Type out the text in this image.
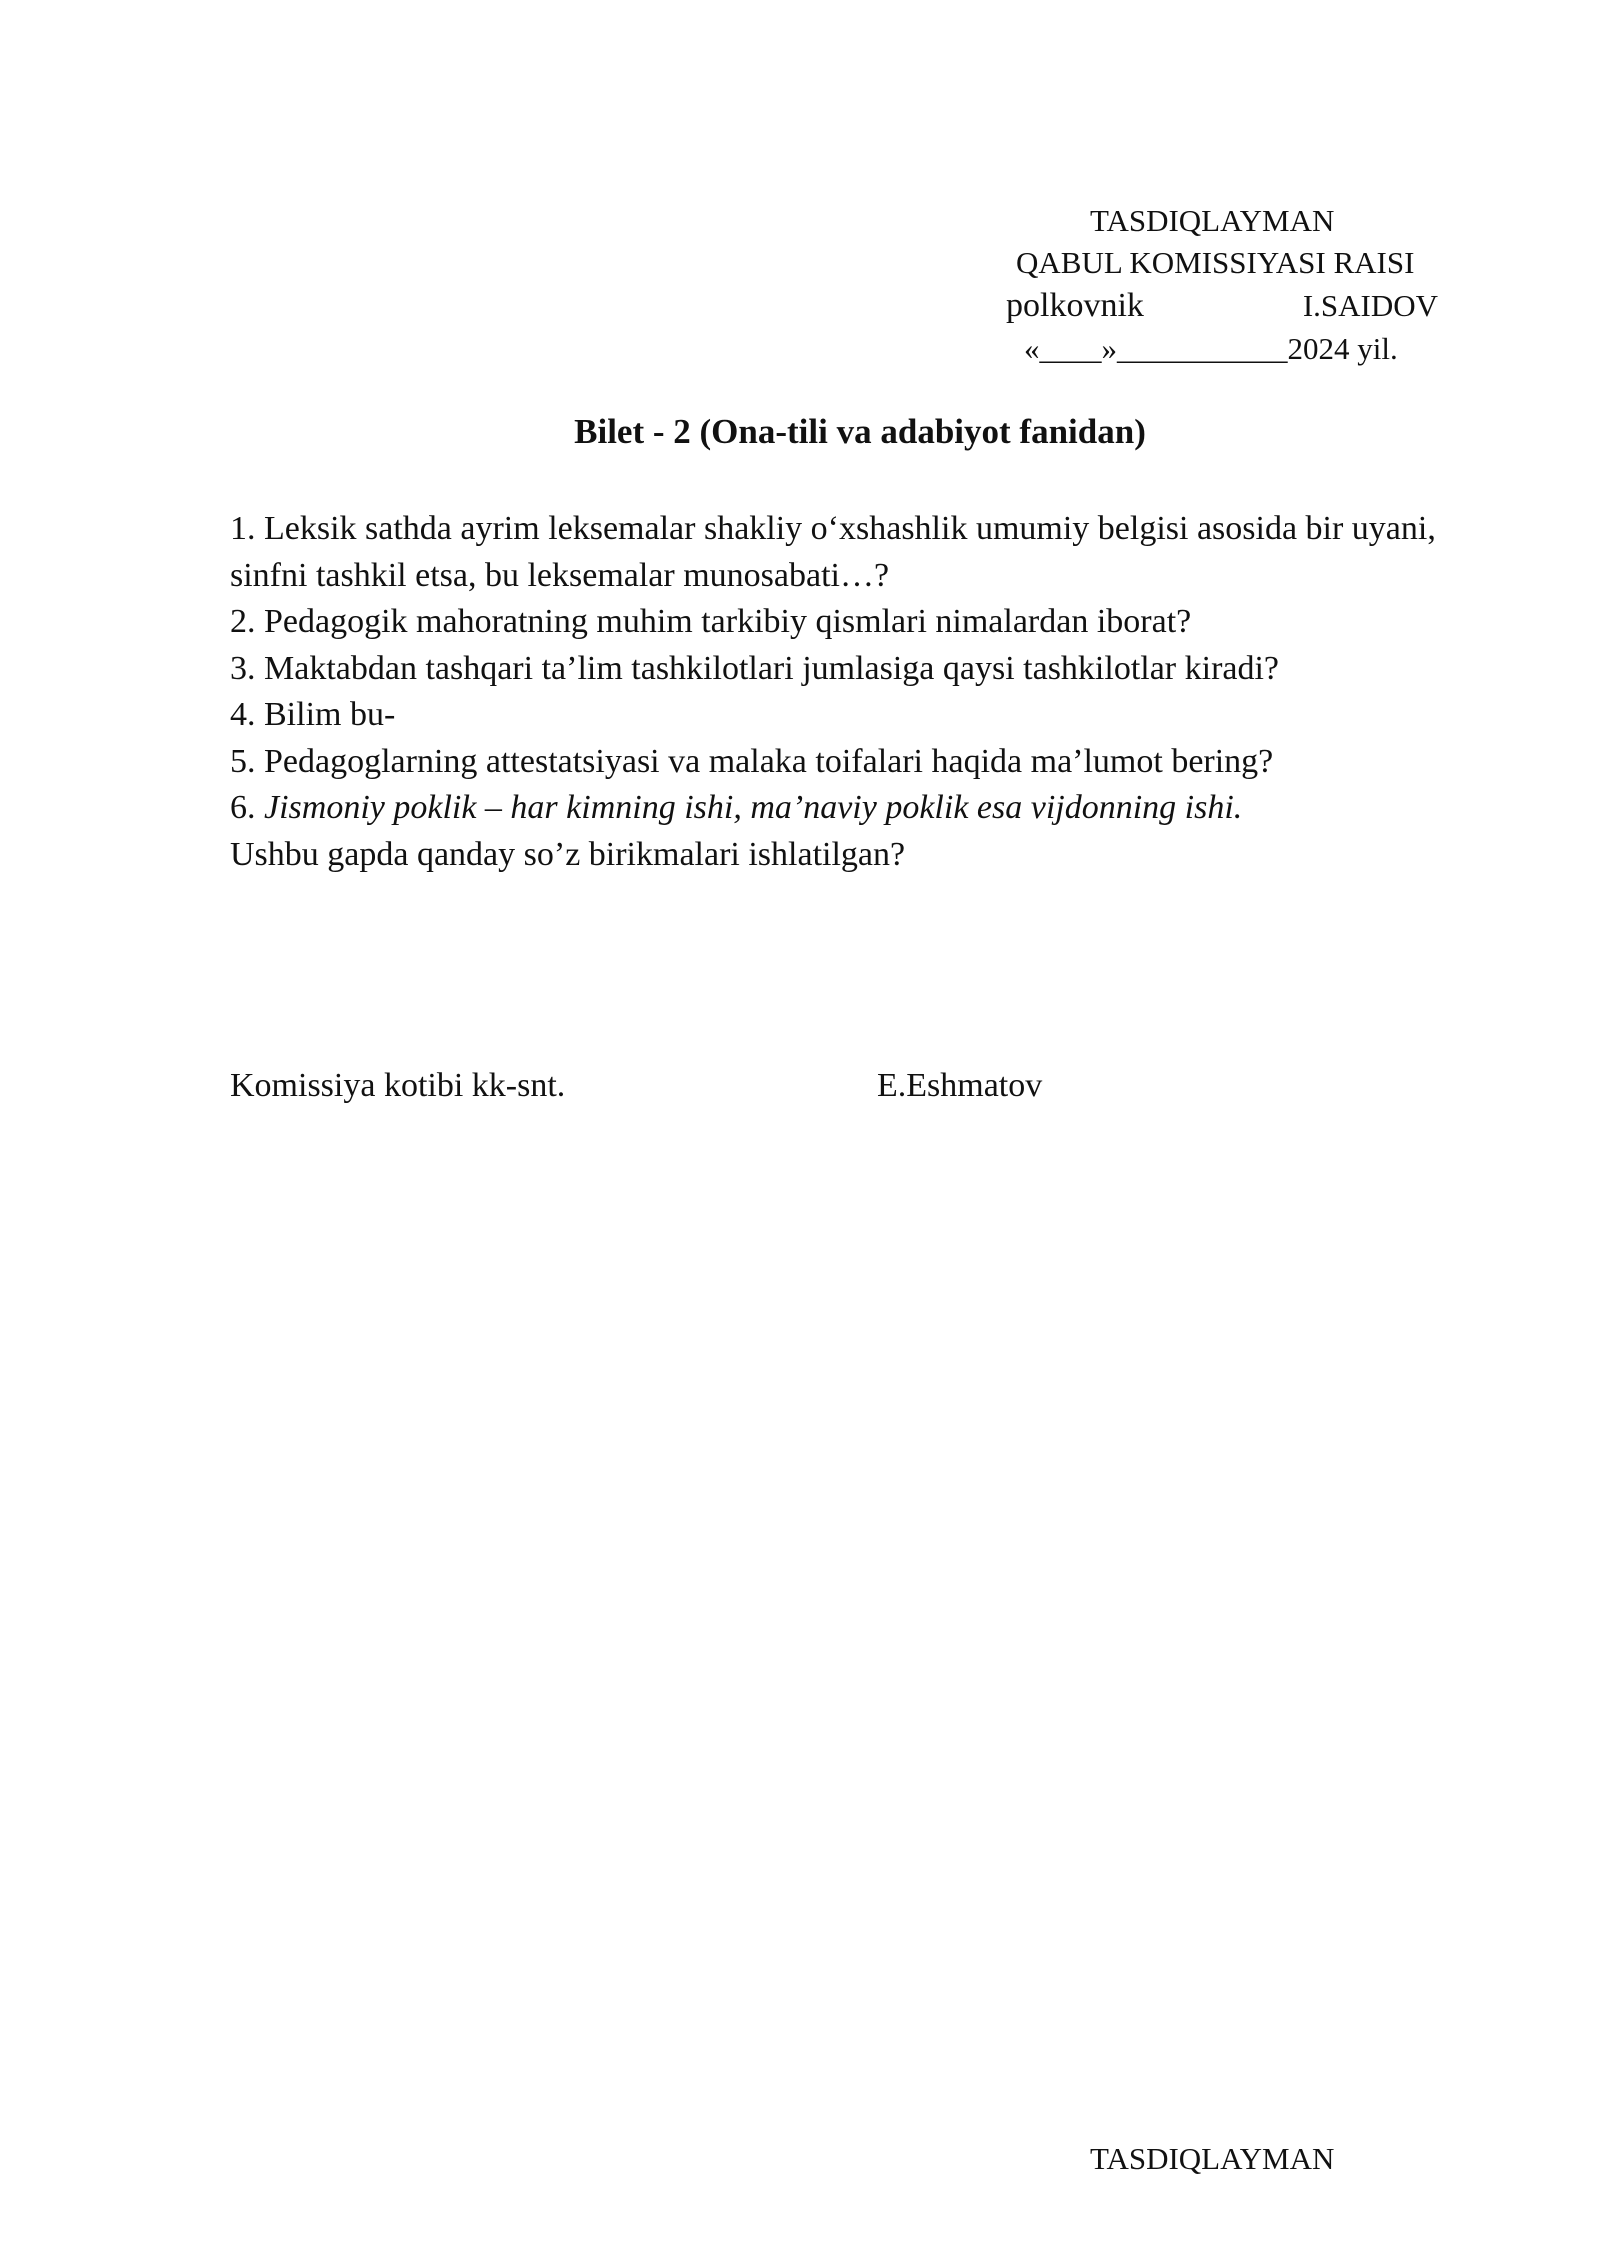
TASDIQLAYMAN
QABUL KOMISSIYASI RAISI
polkovnik	I.SAIDOV
«____»___________2024 yil.
Bilet - 2 (Ona-tili va adabiyot fanidan)

1. Leksik sathda ayrim leksemalar shakliy o‘xshashlik umumiy belgisi asosida bir uyani, sinfni tashkil etsa, bu leksemalar munosabati…?

2. Pedagogik mahoratning muhim tarkibiy qismlari nimalardan iborat?

3. Maktabdan tashqari ta’lim tashkilotlari jumlasiga qaysi tashkilotlar kiradi?

4. Bilim bu-

5. Pedagoglarning attestatsiyasi va malaka toifalari haqida ma’lumot bering?

6. Jismoniy poklik – har kimning ishi, ma’naviy poklik esa vijdonning ishi.

Ushbu gapda qanday so’z birikmalari ishlatilgan?

Komissiya kotibi kk-snt.	E.Eshmatov
TASDIQLAYMAN
